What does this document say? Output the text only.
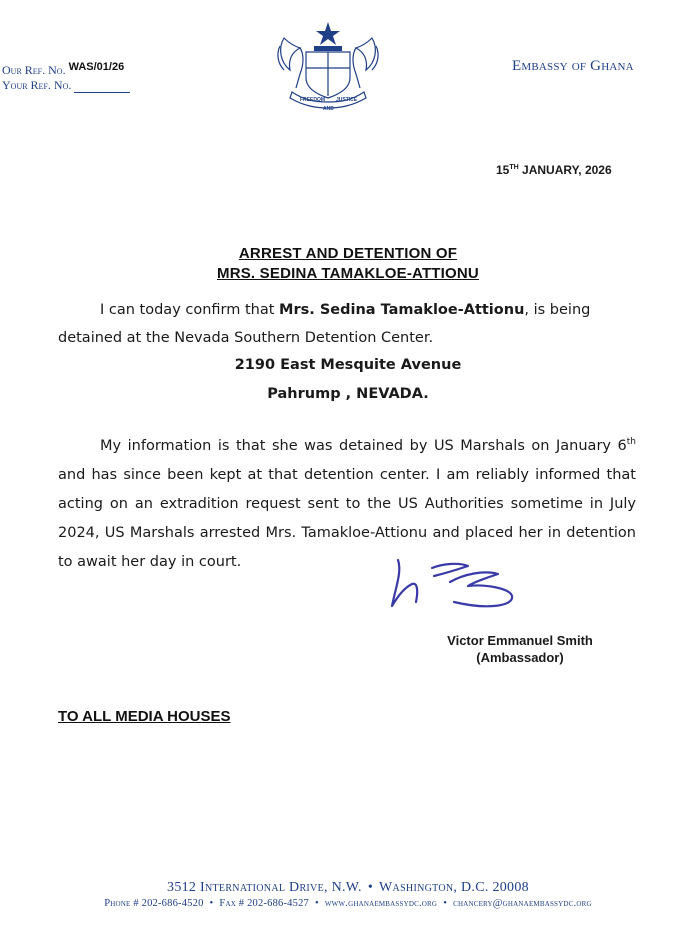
Our Ref. No. WAS/01/26
Your Ref. No.
FREEDOM JUSTICE
AND
Embassy of Ghana
15TH JANUARY, 2026
ARREST AND DETENTION OF
MRS. SEDINA TAMAKLOE-ATTIONU
I can today confirm that Mrs. Sedina Tamakloe-Attionu, is being detained at the Nevada Southern Detention Center.
2190 East Mesquite Avenue
Pahrump , NEVADA.
My information is that she was detained by US Marshals on January 6th and has since been kept at that detention center. I am reliably informed that acting on an extradition request sent to the US Authorities sometime in July 2024, US Marshals arrested Mrs. Tamakloe-Attionu and placed her in detention to await her day in court.
Victor Emmanuel Smith
(Ambassador)
TO ALL MEDIA HOUSES
3512 International Drive, N.W. • Washington, D.C. 20008
Phone # 202-686-4520 • Fax # 202-686-4527 • www.ghanaembassydc.org • chancery@ghanaembassydc.org
